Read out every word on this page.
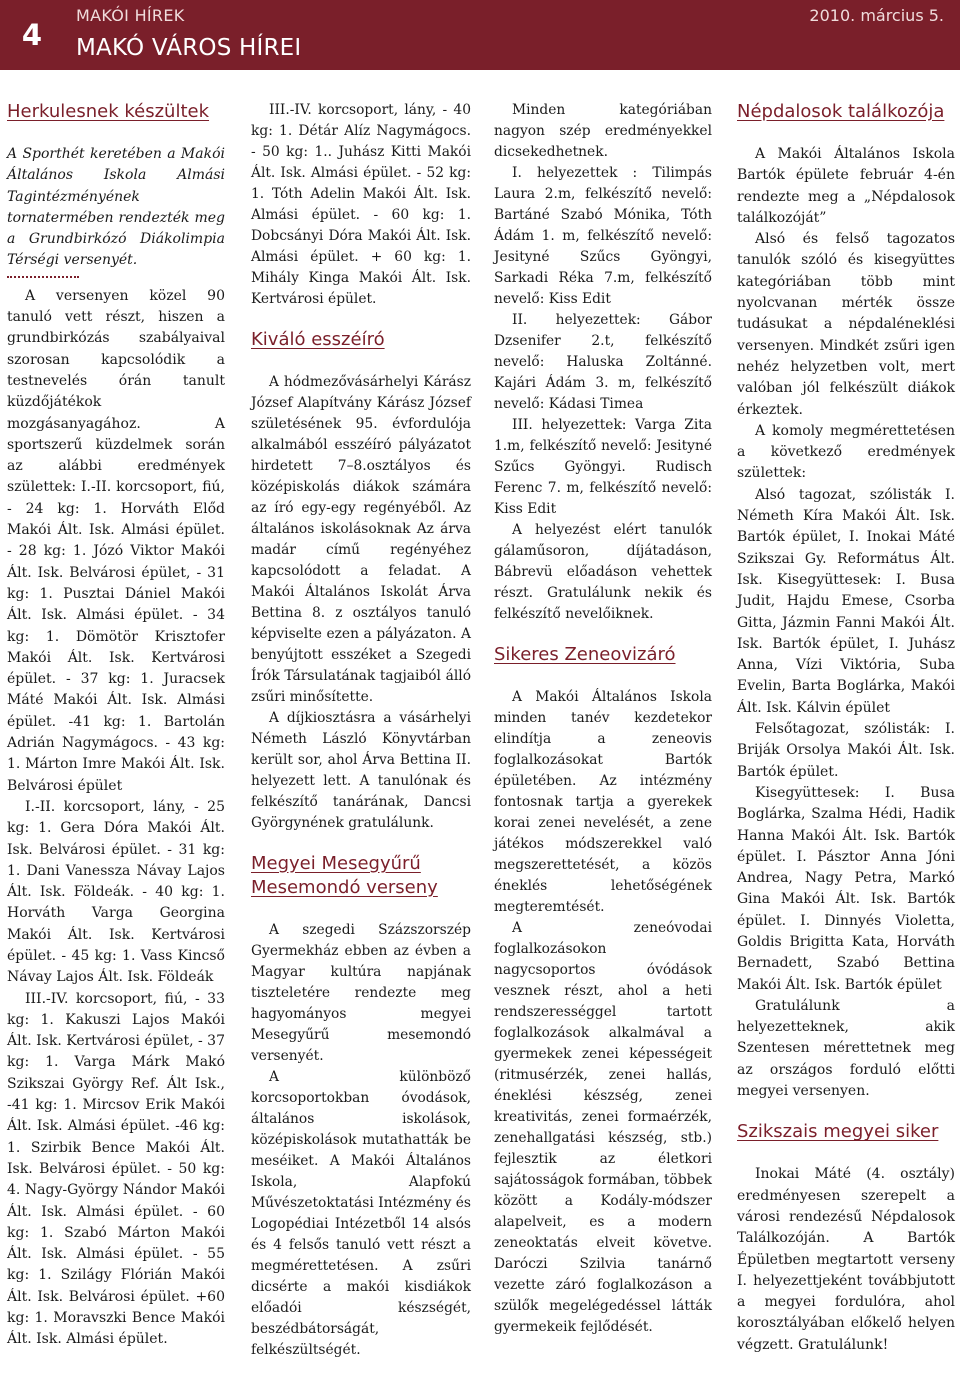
4
MAKÓI HÍREK	2010. március 5.
MAKÓ VÁROS HÍREI
Herkulesnek készültek
A Sporthét keretében a Makói Általános Iskola Almási Tagintézményének tornatermében rendezték meg a Grundbirkózó Diákolimpia Térségi versenyét.

A versenyen közel 90 tanuló vett részt, hiszen a grundbirkózás szabályaival szorosan kapcsolódik a testnevelés órán tanult küzdőjátékok mozgásanyagához. A sportszerű küzdelmek során az alábbi eredmények születtek: I.-II. korcsoport, fiú, - 24 kg: 1. Horváth Előd Makói Ált. Isk. Almási épület. - 28 kg: 1. Józó Viktor Makói Ált. Isk. Belvárosi épület, - 31 kg: 1. Pusztai Dániel Makói Ált. Isk. Almási épület. - 34 kg: 1. Dömötör Krisztofer Makói Ált. Isk. Kertvárosi épület. - 37 kg: 1. Juracsek Máté Makói Ált. Isk. Almási épület. -41 kg: 1. Bartolán Adrián Nagymágocs. - 43 kg: 1. Márton Imre Makói Ált. Isk. Belvárosi épület

I.-II. korcsoport, lány, - 25 kg: 1. Gera Dóra Makói Ált. Isk. Belvárosi épület. - 31 kg: 1. Dani Vanessza Návay Lajos Ált. Isk. Földeák. - 40 kg: 1. Horváth Varga Georgina Makói Ált. Isk. Kertvárosi épület. - 45 kg: 1. Vass Kincső Návay Lajos Ált. Isk. Földeák

III.-IV. korcsoport, fiú, - 33 kg: 1. Kakuszi Lajos Makói Ált. Isk. Kertvárosi épület, - 37 kg: 1. Varga Márk Makó Szikszai György Ref. Ált Isk., -41 kg: 1. Mircsov Erik Makói Ált. Isk. Almási épület. -46 kg: 1. Szirbik Bence Makói Ált. Isk. Belvárosi épület. - 50 kg: 4. Nagy-György Nándor Makói Ált. Isk. Almási épület. - 60 kg: 1. Szabó Márton Makói Ált. Isk. Almási épület. - 55 kg: 1. Szilágy Flórián Makói Ált. Isk. Belvárosi épület. +60 kg: 1. Moravszki Bence Makói Ált. Isk. Almási épület.

III.-IV. korcsoport, lány, - 40 kg: 1. Détár Alíz Nagymágocs. - 50 kg: 1.. Juhász Kitti Makói Ált. Isk. Almási épület. - 52 kg: 1. Tóth Adelin Makói Ált. Isk. Almási épület. - 60 kg: 1. Dobcsányi Dóra Makói Ált. Isk. Almási épület. + 60 kg: 1. Mihály Kinga Makói Ált. Isk. Kertvárosi épület.

Kiváló esszéíró

A hódmezővásárhelyi Kárász József Alapítvány Kárász József születésének 95. évfordulója alkalmából esszéíró pályázatot hirdetett 7–8.osztályos és középiskolás diákok számára az író egy-egy regényéből. Az általános iskolásoknak Az árva madár című regényéhez kapcsolódott a feladat. A Makói Általános Iskolát Árva Bettina 8. z osztályos tanuló képviselte ezen a pályázaton. A benyújtott esszéket a Szegedi Írók Társulatának tagjaiból álló zsűri minősítette.

A díjkiosztásra a vásárhelyi Németh László Könyvtárban került sor, ahol Árva Bettina II. helyezett lett. A tanulónak és felkészítő tanárának, Dancsi Györgynének gratulálunk.

Megyei Mesegyűrű
Mesemondó verseny

A szegedi Százszorszép Gyermekház ebben az évben a Magyar kultúra napjának tiszteletére rendezte meg hagyományos megyei Mesegyűrű mesemondó versenyét.

A különböző korcsoportokban óvodások, általános iskolások, középiskolások mutathatták be meséiket. A Makói Általános Iskola, Alapfokú Művészetoktatási Intézmény és Logopédiai Intézetből 14 alsós és 4 felsős tanuló vett részt a megmérettetésen. A zsűri dicsérte a makói kisdiákok előadói készségét, beszédbátorságát, felkészültségét.

Minden kategóriában nagyon szép eredményekkel dicsekedhetnek.

I. helyezettek : Tilimpás Laura 2.m, felkészítő nevelő: Bartáné Szabó Mónika, Tóth Ádám 1. m, felkészítő nevelő: Jesityné Szűcs Gyöngyi, Sarkadi Réka 7.m, felkészítő nevelő: Kiss Edit

II. helyezettek: Gábor Dzsenifer 2.t, felkészítő nevelő: Haluska Zoltánné. Kajári Ádám 3. m, felkészítő nevelő: Kádasi Timea

III. helyezettek: Varga Zita 1.m, felkészítő nevelő: Jesityné Szűcs Gyöngyi. Rudisch Ferenc 7. m, felkészítő nevelő: Kiss Edit

A helyezést elért tanulók gálaműsoron, díjátadáson, Bábrevü előadáson vehettek részt. Gratulálunk nekik és felkészítő nevelőiknek.

Sikeres Zeneovizáró

A Makói Általános Iskola minden tanév kezdetekor elindítja a zeneovis foglalkozásokat Bartók épületében. Az intézmény fontosnak tartja a gyerekek korai zenei nevelését, a zene játékos módszerekkel való megszerettetését, a közös éneklés lehetőségének megteremtését.

A zeneóvodai foglalkozásokon nagycsoportos óvódások vesznek részt, ahol a heti rendszerességgel tartott foglalkozások alkalmával a gyermekek zenei képességeit (ritmusérzék, zenei hallás, éneklési készség, zenei kreativitás, zenei formaérzék, zenehallgatási készség, stb.) fejlesztik az életkori sajátosságok formában, többek között a Kodály-módszer alapelveit, es a modern zeneoktatás elveit követve. Daróczi Szilvia tanárnő vezette záró foglalkozáson a szülők megelégedéssel látták gyermekeik fejlődését.

Népdalosok találkozója

A Makói Általános Iskola Bartók épülete február 4-én rendezte meg a „Népdalosok találkozóját”

Alsó és felső tagozatos tanulók szóló és kisegyüttes kategóriában több mint nyolcvanan mérték össze tudásukat a népdaléneklési versenyen. Mindkét zsűri igen nehéz helyzetben volt, mert valóban jól felkészült diákok érkeztek.

A komoly megmérettetésen a következő eredmények születtek:

Alsó tagozat, szólisták I. Németh Kíra Makói Ált. Isk. Bartók épület, I. Inokai Máté Szikszai Gy. Református Ált. Isk. Kisegyüttesek: I. Busa Judit, Hajdu Emese, Csorba Gitta, Jázmin Fanni Makói Ált. Isk. Bartók épület, I. Juhász Anna, Vízi Viktória, Suba Evelin, Barta Boglárka, Makói Ált. Isk. Kálvin épület

Felsőtagozat, szólisták: I. Briják Orsolya Makói Ált. Isk. Bartók épület.

Kisegyüttesek: I. Busa Boglárka, Szalma Hédi, Hadik Hanna Makói Ált. Isk. Bartók épület. I. Pásztor Anna Jóni Andrea, Nagy Petra, Markó Gina Makói Ált. Isk. Bartók épület. I. Dinnyés Violetta, Goldis Brigitta Kata, Horváth Bernadett, Szabó Bettina Makói Ált. Isk. Bartók épület

Gratulálunk a helyezetteknek, akik Szentesen mérettetnek meg az országos forduló előtti megyei versenyen.

Szikszais megyei siker

Inokai Máté (4. osztály) eredményesen szerepelt a városi rendezésű Népdalosok Találkozóján. A Bartók Épületben megtartott verseny I. helyezettjeként továbbjutott a megyei fordulóra, ahol korosztályában előkelő helyen végzett. Gratulálunk!
